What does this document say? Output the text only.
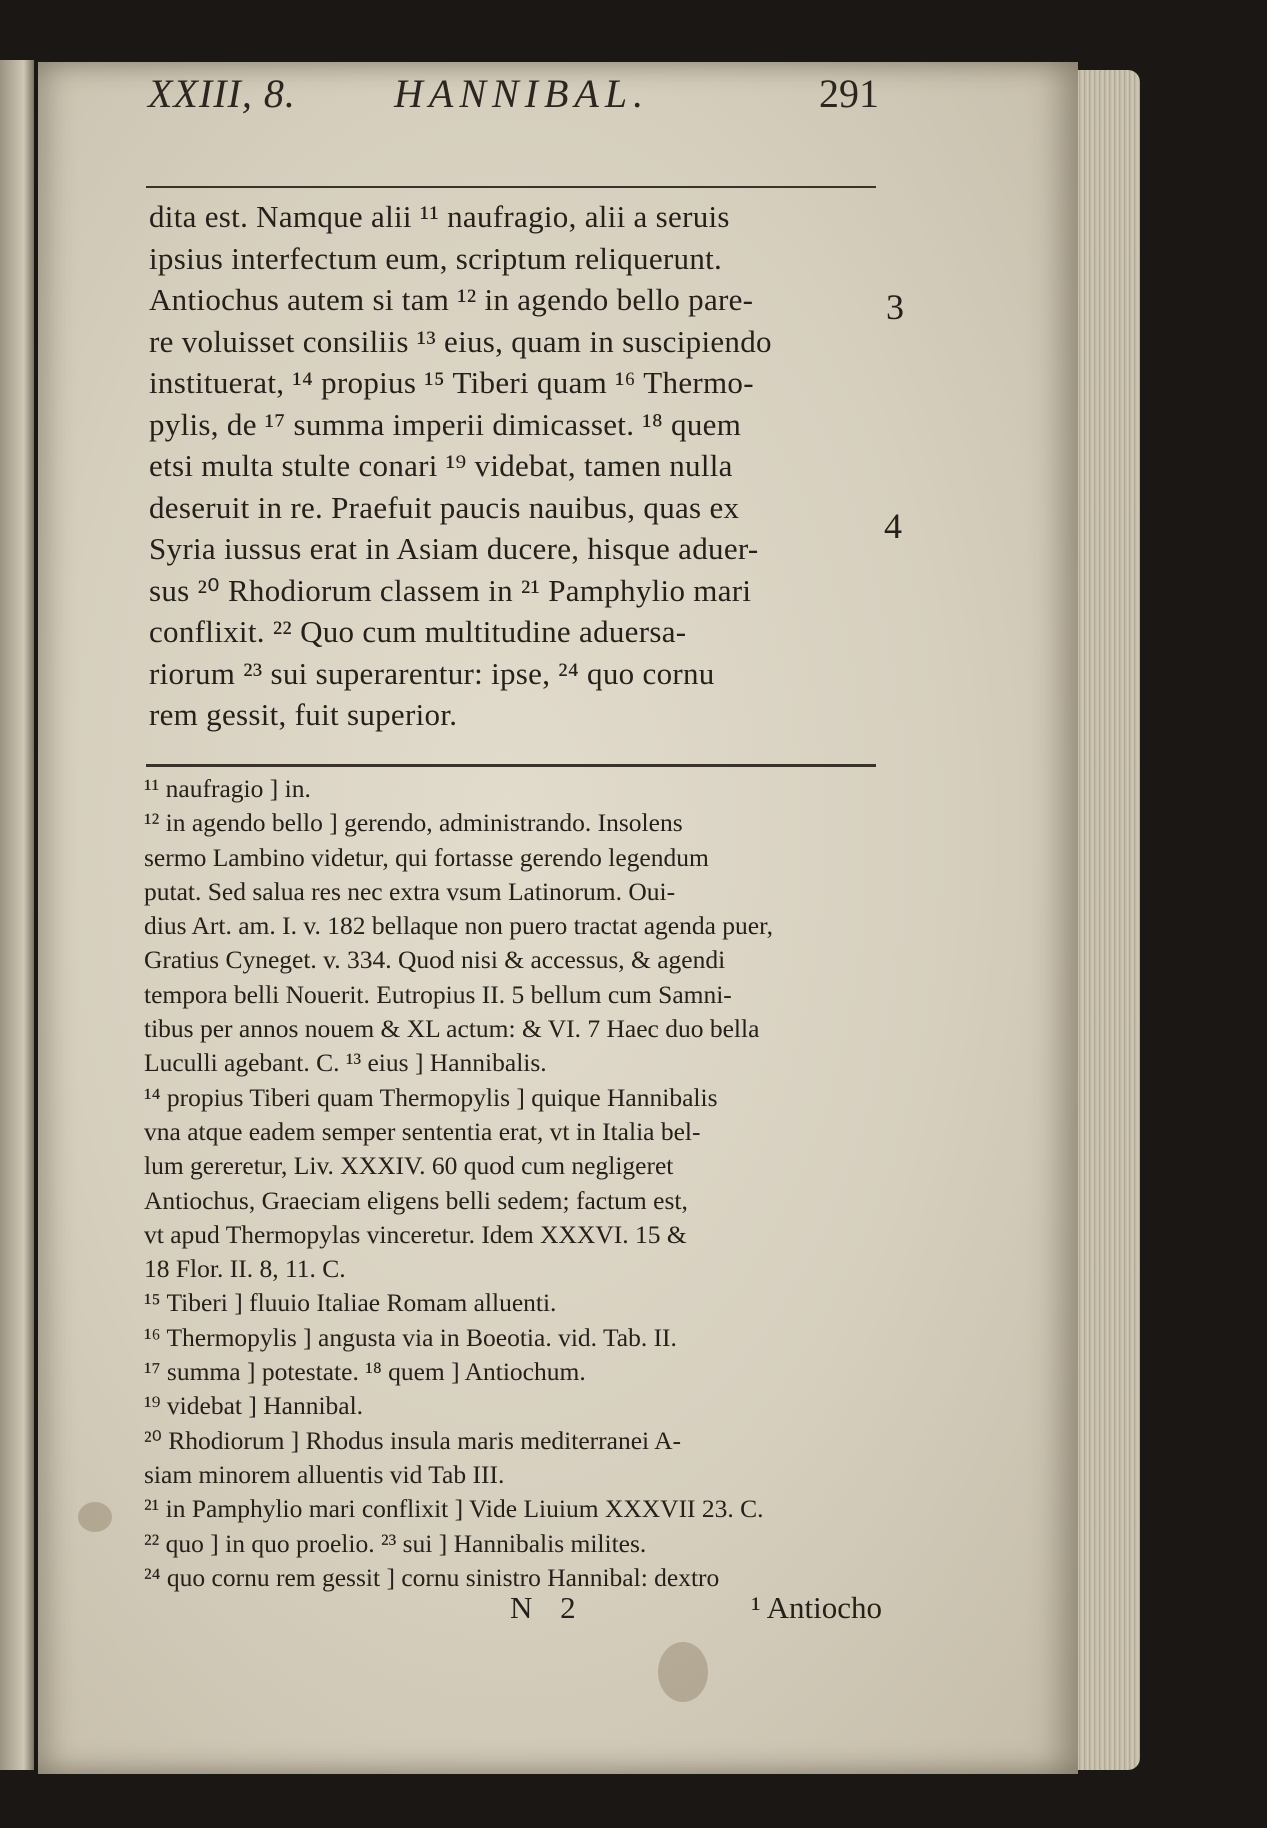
XXIII, 8. HANNIBAL.	291
dita est. Namque alii ¹¹ naufragio, alii a seruis
ipsius interfectum eum, scriptum reliquerunt.
Antiochus autem si tam ¹² in agendo bello pare-
re voluisset consiliis ¹³ eius, quam in suscipiendo
instituerat, ¹⁴ propius ¹⁵ Tiberi quam ¹⁶ Thermo-
pylis, de ¹⁷ summa imperii dimicasset. ¹⁸ quem
etsi multa stulte conari ¹⁹ videbat, tamen nulla
deseruit in re. Praefuit paucis nauibus, quas ex
Syria iussus erat in Asiam ducere, hisque aduer-
sus ²⁰ Rhodiorum classem in ²¹ Pamphylio mari
conflixit. ²² Quo cum multitudine aduersa-
riorum ²³ sui superarentur: ipse, ²⁴ quo cornu
rem gessit, fuit superior.
3
4
¹¹ naufragio ] in.
¹² in agendo bello ] gerendo, administrando. Insolens
sermo Lambino videtur, qui fortasse gerendo legendum
putat. Sed salua res nec extra vsum Latinorum. Oui-
dius Art. am. I. v. 182 bellaque non puero tractat agenda puer,
Gratius Cyneget. v. 334. Quod nisi & accessus, & agendi
tempora belli Nouerit. Eutropius II. 5 bellum cum Samni-
tibus per annos nouem & XL actum: & VI. 7 Haec duo bella
Luculli agebant. C. ¹³ eius ] Hannibalis.
¹⁴ propius Tiberi quam Thermopylis ] quique Hannibalis
vna atque eadem semper sententia erat, vt in Italia bel-
lum gereretur, Liv. XXXIV. 60 quod cum negligeret
Antiochus, Graeciam eligens belli sedem; factum est,
vt apud Thermopylas vinceretur. Idem XXXVI. 15 &
18 Flor. II. 8, 11. C.
¹⁵ Tiberi ] fluuio Italiae Romam alluenti.
¹⁶ Thermopylis ] angusta via in Boeotia. vid. Tab. II.
¹⁷ summa ] potestate. ¹⁸ quem ] Antiochum.
¹⁹ videbat ] Hannibal.
²⁰ Rhodiorum ] Rhodus insula maris mediterranei A-
siam minorem alluentis vid Tab III.
²¹ in Pamphylio mari conflixit ] Vide Liuium XXXVII 23. C.
²² quo ] in quo proelio. ²³ sui ] Hannibalis milites.
²⁴ quo cornu rem gessit ] cornu sinistro Hannibal: dextro
N 2	¹ Antiocho
